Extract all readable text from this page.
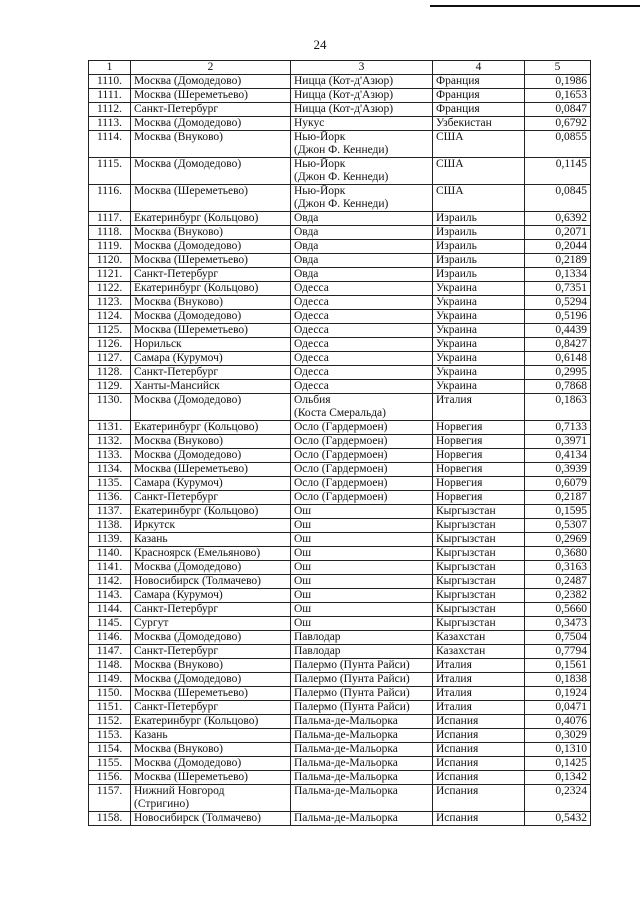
24
1	2	3	4	5
1110.	Москва (Домодедово)	Ницца (Кот-д'Азюр)	Франция	0,1986
1111.	Москва (Шереметьево)	Ницца (Кот-д'Азюр)	Франция	0,1653
1112.	Санкт-Петербург	Ницца (Кот-д'Азюр)	Франция	0,0847
1113.	Москва (Домодедово)	Нукус	Узбекистан	0,6792
1114.	Москва (Внуково)	Нью-Йорк
(Джон Ф. Кеннеди)	США	0,0855
1115.	Москва (Домодедово)	Нью-Йорк
(Джон Ф. Кеннеди)	США	0,1145
1116.	Москва (Шереметьево)	Нью-Йорк
(Джон Ф. Кеннеди)	США	0,0845
1117.	Екатеринбург (Кольцово)	Овда	Израиль	0,6392
1118.	Москва (Внуково)	Овда	Израиль	0,2071
1119.	Москва (Домодедово)	Овда	Израиль	0,2044
1120.	Москва (Шереметьево)	Овда	Израиль	0,2189
1121.	Санкт-Петербург	Овда	Израиль	0,1334
1122.	Екатеринбург (Кольцово)	Одесса	Украина	0,7351
1123.	Москва (Внуково)	Одесса	Украина	0,5294
1124.	Москва (Домодедово)	Одесса	Украина	0,5196
1125.	Москва (Шереметьево)	Одесса	Украина	0,4439
1126.	Норильск	Одесса	Украина	0,8427
1127.	Самара (Курумоч)	Одесса	Украина	0,6148
1128.	Санкт-Петербург	Одесса	Украина	0,2995
1129.	Ханты-Мансийск	Одесса	Украина	0,7868
1130.	Москва (Домодедово)	Ольбия
(Коста Смеральда)	Италия	0,1863
1131.	Екатеринбург (Кольцово)	Осло (Гардермоен)	Норвегия	0,7133
1132.	Москва (Внуково)	Осло (Гардермоен)	Норвегия	0,3971
1133.	Москва (Домодедово)	Осло (Гардермоен)	Норвегия	0,4134
1134.	Москва (Шереметьево)	Осло (Гардермоен)	Норвегия	0,3939
1135.	Самара (Курумоч)	Осло (Гардермоен)	Норвегия	0,6079
1136.	Санкт-Петербург	Осло (Гардермоен)	Норвегия	0,2187
1137.	Екатеринбург (Кольцово)	Ош	Кыргызстан	0,1595
1138.	Иркутск	Ош	Кыргызстан	0,5307
1139.	Казань	Ош	Кыргызстан	0,2969
1140.	Красноярск (Емельяново)	Ош	Кыргызстан	0,3680
1141.	Москва (Домодедово)	Ош	Кыргызстан	0,3163
1142.	Новосибирск (Толмачево)	Ош	Кыргызстан	0,2487
1143.	Самара (Курумоч)	Ош	Кыргызстан	0,2382
1144.	Санкт-Петербург	Ош	Кыргызстан	0,5660
1145.	Сургут	Ош	Кыргызстан	0,3473
1146.	Москва (Домодедово)	Павлодар	Казахстан	0,7504
1147.	Санкт-Петербург	Павлодар	Казахстан	0,7794
1148.	Москва (Внуково)	Палермо (Пунта Райси)	Италия	0,1561
1149.	Москва (Домодедово)	Палермо (Пунта Райси)	Италия	0,1838
1150.	Москва (Шереметьево)	Палермо (Пунта Райси)	Италия	0,1924
1151.	Санкт-Петербург	Палермо (Пунта Райси)	Италия	0,0471
1152.	Екатеринбург (Кольцово)	Пальма-де-Мальорка	Испания	0,4076
1153.	Казань	Пальма-де-Мальорка	Испания	0,3029
1154.	Москва (Внуково)	Пальма-де-Мальорка	Испания	0,1310
1155.	Москва (Домодедово)	Пальма-де-Мальорка	Испания	0,1425
1156.	Москва (Шереметьево)	Пальма-де-Мальорка	Испания	0,1342
1157.	Нижний Новгород
(Стригино)	Пальма-де-Мальорка	Испания	0,2324
1158.	Новосибирск (Толмачево)	Пальма-де-Мальорка	Испания	0,5432
